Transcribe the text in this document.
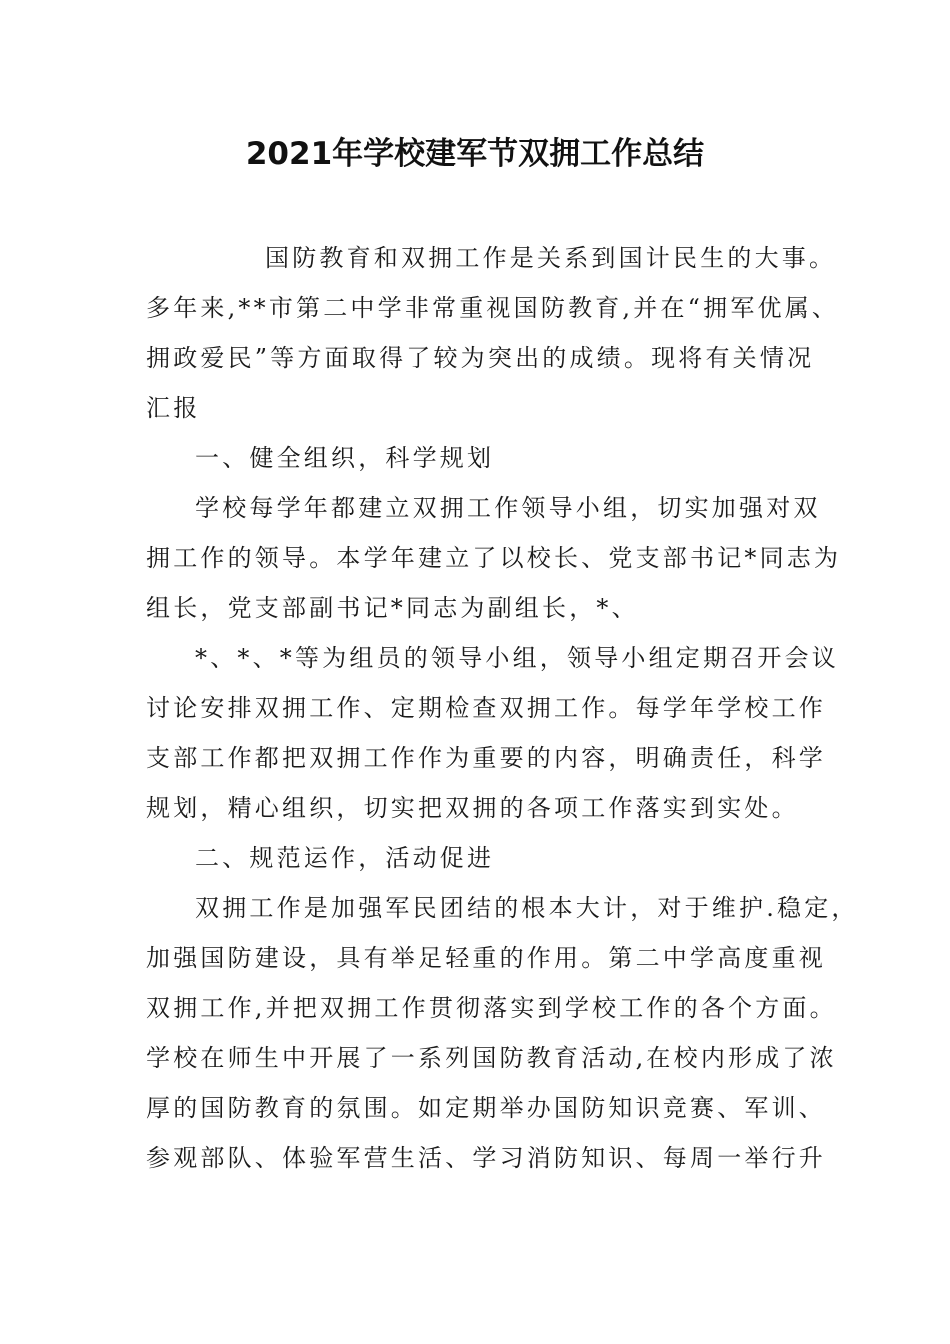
2021年学校建军节双拥工作总结

国防教育和双拥工作是关系到国计民生的大事。

多年来,**市第二中学非常重视国防教育,并在“拥军优属、

拥政爱民”等方面取得了较为突出的成绩。现将有关情况

汇报

一、健全组织，科学规划

学校每学年都建立双拥工作领导小组，切实加强对双

拥工作的领导。本学年建立了以校长、党支部书记*同志为

组长，党支部副书记*同志为副组长，*、

*、*、*等为组员的领导小组，领导小组定期召开会议

讨论安排双拥工作、定期检查双拥工作。每学年学校工作

支部工作都把双拥工作作为重要的内容，明确责任，科学

规划，精心组织，切实把双拥的各项工作落实到实处。

二、规范运作，活动促进

双拥工作是加强军民团结的根本大计，对于维护.稳定，

加强国防建设，具有举足轻重的作用。第二中学高度重视

双拥工作,并把双拥工作贯彻落实到学校工作的各个方面。

学校在师生中开展了一系列国防教育活动,在校内形成了浓

厚的国防教育的氛围。如定期举办国防知识竞赛、军训、

参观部队、体验军营生活、学习消防知识、每周一举行升
